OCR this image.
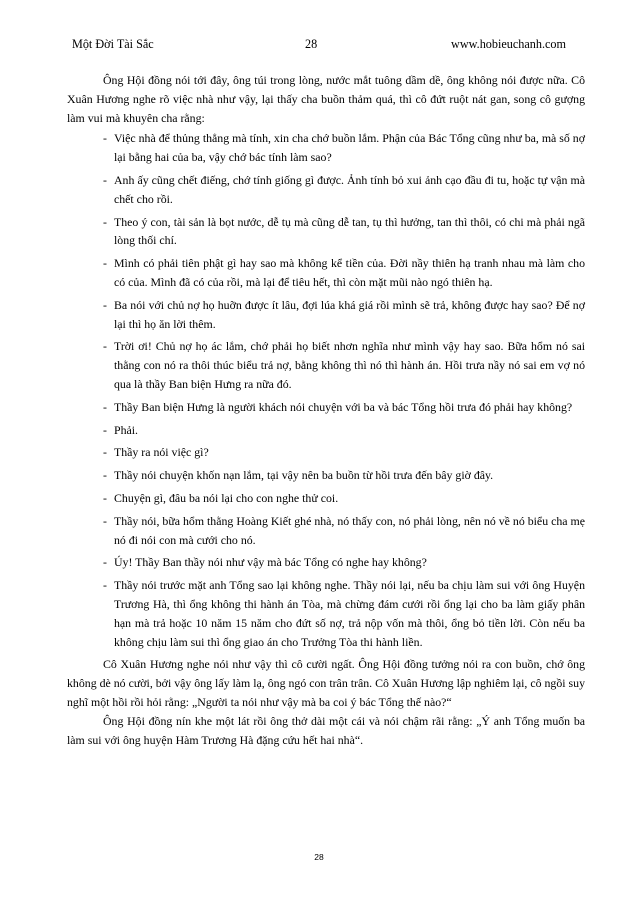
Một Đời Tài Sắc	28	www.hobieuchanh.com

Ông Hội đồng nói tới đây, ông túi trong lòng, nước mắt tuông dầm dề, ông không nói được nữa. Cô Xuân Hương nghe rõ việc nhà như vậy, lại thấy cha buồn thảm quá, thì cô đứt ruột nát gan, song cô gượng làm vui mà khuyên cha rằng:

- Việc nhà để thủng thẳng mà tính, xin cha chớ buồn lắm. Phận của Bác Tổng cũng như ba, mà số nợ lại bằng hai của ba, vậy chớ bác tính làm sao?
- Anh ấy cũng chết điếng, chớ tính giống gì được. Ảnh tính bỏ xui ảnh cạo đầu đi tu, hoặc tự vận mà chết cho rồi.
- Theo ý con, tài sản là bọt nước, dễ tụ mà cũng dễ tan, tụ thì hưởng, tan thì thôi, có chi mà phải ngã lòng thối chí.
- Mình có phải tiên phật gì hay sao mà không kể tiền của. Đời nầy thiên hạ tranh nhau mà làm cho có của. Mình đã có của rồi, mà lại để tiêu hết, thì còn mặt mũi nào ngó thiên hạ.
- Ba nói với chủ nợ họ huỡn được ít lâu, đợi lúa khá giá rồi mình sẽ trả, không được hay sao? Để nợ lại thì họ ăn lời thêm.
- Trời ơi! Chủ nợ họ ác lắm, chớ phải họ biết nhơn nghĩa như mình vậy hay sao. Bữa hổm nó sai thằng con nó ra thôi thúc biểu trả nợ, bằng không thì nó thì hành án. Hồi trưa nầy nó sai em vợ nó qua là thầy Ban biện Hưng ra nữa đó.
- Thầy Ban biện Hưng là người khách nói chuyện với ba và bác Tổng hồi trưa đó phải hay không?
- Phải.
- Thầy ra nói việc gì?
- Thầy nói chuyện khốn nạn lắm, tại vậy nên ba buồn từ hồi trưa đến bây giờ đây.
- Chuyện gì, đâu ba nói lại cho con nghe thử coi.
- Thầy nói, bữa hổm thằng Hoàng Kiết ghé nhà, nó thấy con, nó phải lòng, nên nó về nó biểu cha mẹ nó đi nói con mà cưới cho nó.
- Úy! Thầy Ban thầy nói như vậy mà bác Tổng có nghe hay không?
- Thầy nói trước mặt anh Tổng sao lại không nghe. Thầy nói lại, nếu ba chịu làm sui với ông Huyện Trương Hà, thì ổng không thi hành án Tòa, mà chừng đám cưới rồi ổng lại cho ba làm giấy phân hạn mà trả hoặc 10 năm 15 năm cho đứt số nợ, trả nộp vốn mà thôi, ổng bỏ tiền lời. Còn nếu ba không chịu làm sui thì ổng giao án cho Trưởng Tòa thi hành liền.

Cô Xuân Hương nghe nói như vậy thì cô cười ngất. Ông Hội đồng tưởng nói ra con buồn, chớ ông không dè nó cười, bởi vậy ông lấy làm lạ, ông ngó con trân trân. Cô Xuân Hương lập nghiêm lại, cô ngồi suy nghĩ một hồi rồi hỏi rằng: „Người ta nói như vậy mà ba coi ý bác Tổng thế nào?“

Ông Hội đồng nín khe một lát rồi ông thở dài một cái và nói chậm rãi rằng: „Ý anh Tổng muốn ba làm sui với ông huyện Hàm Trương Hà đặng cứu hết hai nhà“.

28
